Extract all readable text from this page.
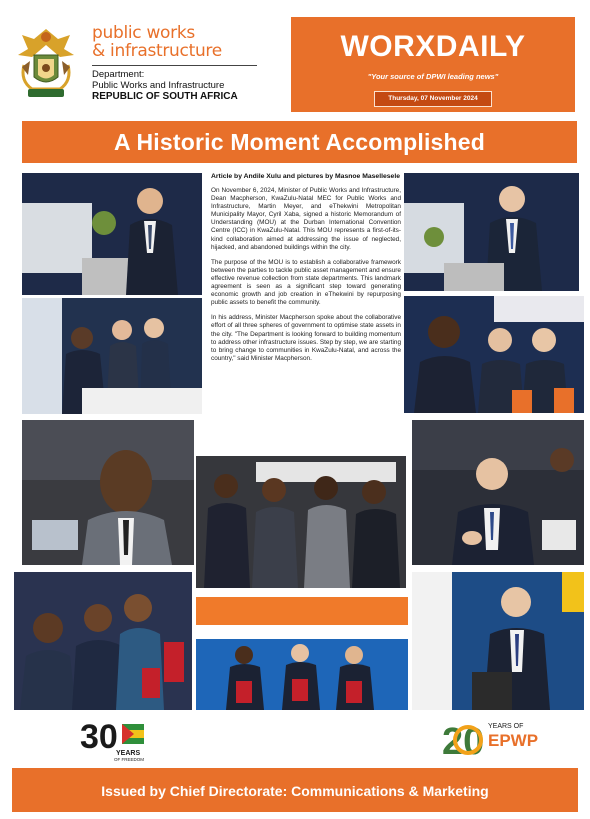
public works
& infrastructure
Department:
Public Works and Infrastructure
REPUBLIC OF SOUTH AFRICA
WORXDAILY
"Your source of DPWI leading news"
Thursday, 07 November 2024
A Historic Moment Accomplished
Article by Andile Xulu and pictures by Masnoe Masellesele

On November 6, 2024, Minister of Public Works and Infrastructure, Dean Macpherson, KwaZulu-Natal MEC for Public Works and Infrastructure, Martin Meyer, and eThekwini Metropolitan Municipality Mayor, Cyril Xaba, signed a historic Memorandum of Understanding (MOU) at the Durban International Convention Centre (ICC) in KwaZulu-Natal. This MOU represents a first-of-its-kind collaboration aimed at addressing the issue of neglected, hijacked, and abandoned buildings within the city.

The purpose of the MOU is to establish a collaborative framework between the parties to tackle public asset management and ensure effective revenue collection from state departments. This landmark agreement is seen as a significant step toward generating economic growth and job creation in eThekwini by repurposing public assets to benefit the community.

In his address, Minister Macpherson spoke about the collaborative effort of all three spheres of government to optimise state assets in the city. "The Department is looking forward to building momentum to address other infrastructure issues. Step by step, we are starting to bring change to communities in KwaZulu-Natal, and across the country," said Minister Macpherson.

30
YEARS
OF FREEDOM	20 YEARS OF
EPWP
Issued by Chief Directorate: Communications & Marketing
